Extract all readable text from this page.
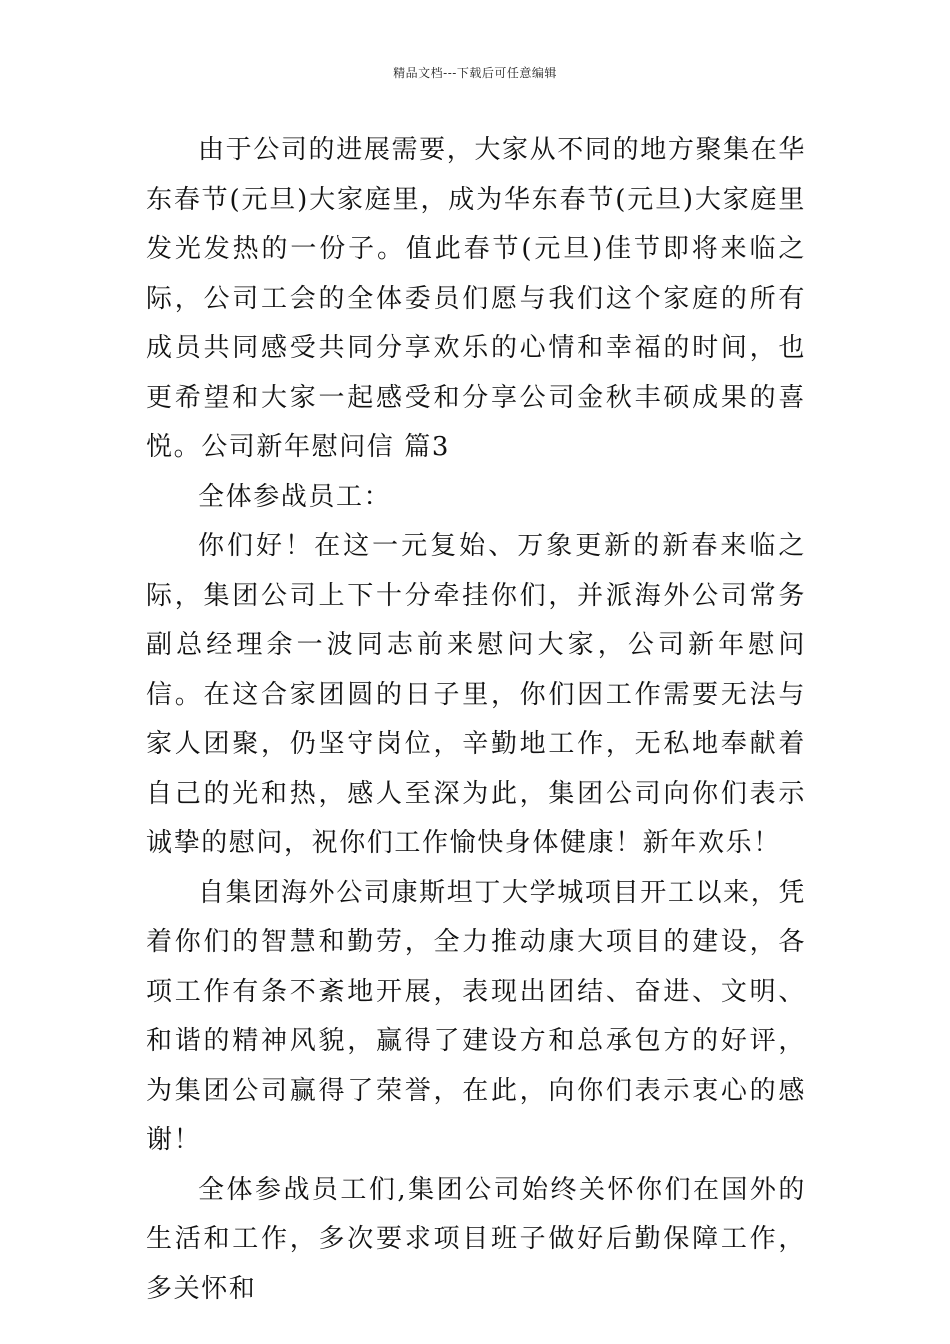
精品文档---下载后可任意编辑

由于公司的进展需要，大家从不同的地方聚集在华东春节(元旦)大家庭里，成为华东春节(元旦)大家庭里发光发热的一份子。值此春节(元旦)佳节即将来临之际，公司工会的全体委员们愿与我们这个家庭的所有成员共同感受共同分享欢乐的心情和幸福的时间，也更希望和大家一起感受和分享公司金秋丰硕成果的喜悦。公司新年慰问信 篇3

全体参战员工：

你们好！在这一元复始、万象更新的新春来临之际，集团公司上下十分牵挂你们，并派海外公司常务副总经理余一波同志前来慰问大家，公司新年慰问信。在这合家团圆的日子里，你们因工作需要无法与家人团聚，仍坚守岗位，辛勤地工作，无私地奉献着自己的光和热，感人至深为此，集团公司向你们表示诚挚的慰问，祝你们工作愉快身体健康！新年欢乐！

自集团海外公司康斯坦丁大学城项目开工以来，凭着你们的智慧和勤劳，全力推动康大项目的建设，各项工作有条不紊地开展，表现出团结、奋进、文明、和谐的精神风貌，赢得了建设方和总承包方的好评，为集团公司赢得了荣誉，在此，向你们表示衷心的感谢！

全体参战员工们,集团公司始终关怀你们在国外的生活和工作，多次要求项目班子做好后勤保障工作，多关怀和
